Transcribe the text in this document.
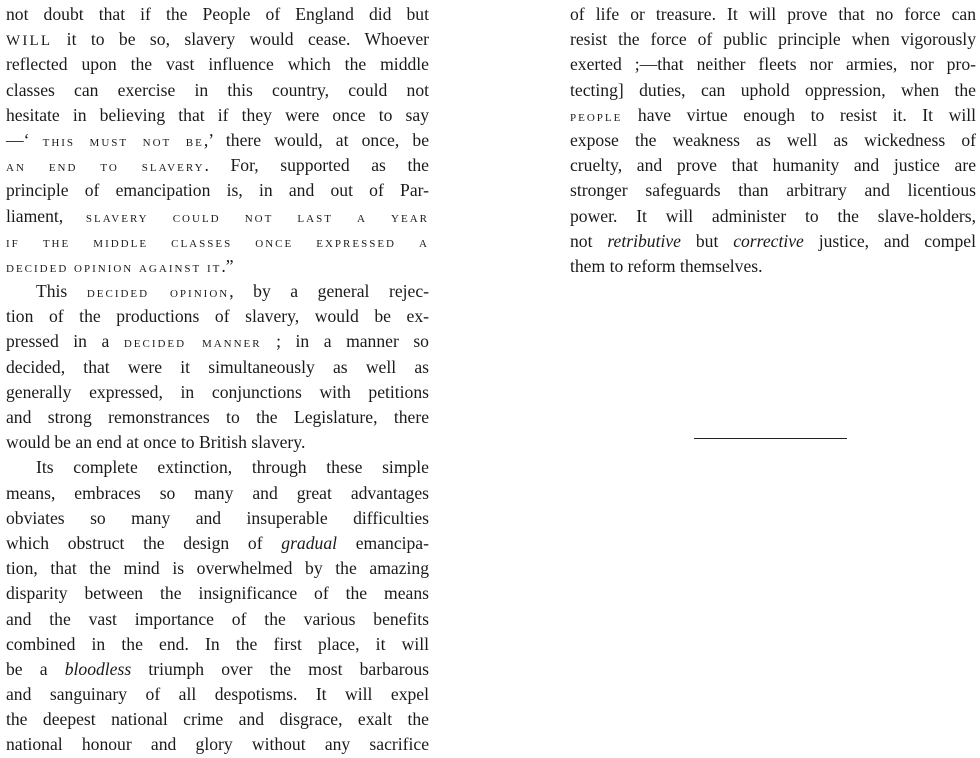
not doubt that if the People of England did but
WILL it to be so, slavery would cease. Whoever
reflected upon the vast influence which the middle
classes can exercise in this country, could not
hesitate in believing that if they were once to say
—‘ this must not be,’ there would, at once, be
an end to slavery. For, supported as the
principle of emancipation is, in and out of Par-
liament, slavery could not last a year
if the middle classes once expressed a
decided opinion against it.”
This decided opinion, by a general rejec-
tion of the productions of slavery, would be ex-
pressed in a decided manner ; in a manner so
decided, that were it simultaneously as well as
generally expressed, in conjunctions with petitions
and strong remonstrances to the Legislature, there
would be an end at once to British slavery.
Its complete extinction, through these simple
means, embraces so many and great advantages
obviates so many and insuperable difficulties
which obstruct the design of gradual emancipa-
tion, that the mind is overwhelmed by the amazing
disparity between the insignificance of the means
and the vast importance of the various benefits
combined in the end. In the first place, it will
be a bloodless triumph over the most barbarous
and sanguinary of all despotisms. It will expel
the deepest national crime and disgrace, exalt the
national honour and glory without any sacrifice
of life or treasure. It will prove that no force can
resist the force of public principle when vigorously
exerted ;—that neither fleets nor armies, nor pro-
tecting] duties, can uphold oppression, when the
people have virtue enough to resist it. It will
expose the weakness as well as wickedness of
cruelty, and prove that humanity and justice are
stronger safeguards than arbitrary and licentious
power. It will administer to the slave-holders,
not retributive but corrective justice, and compel
them to reform themselves.
